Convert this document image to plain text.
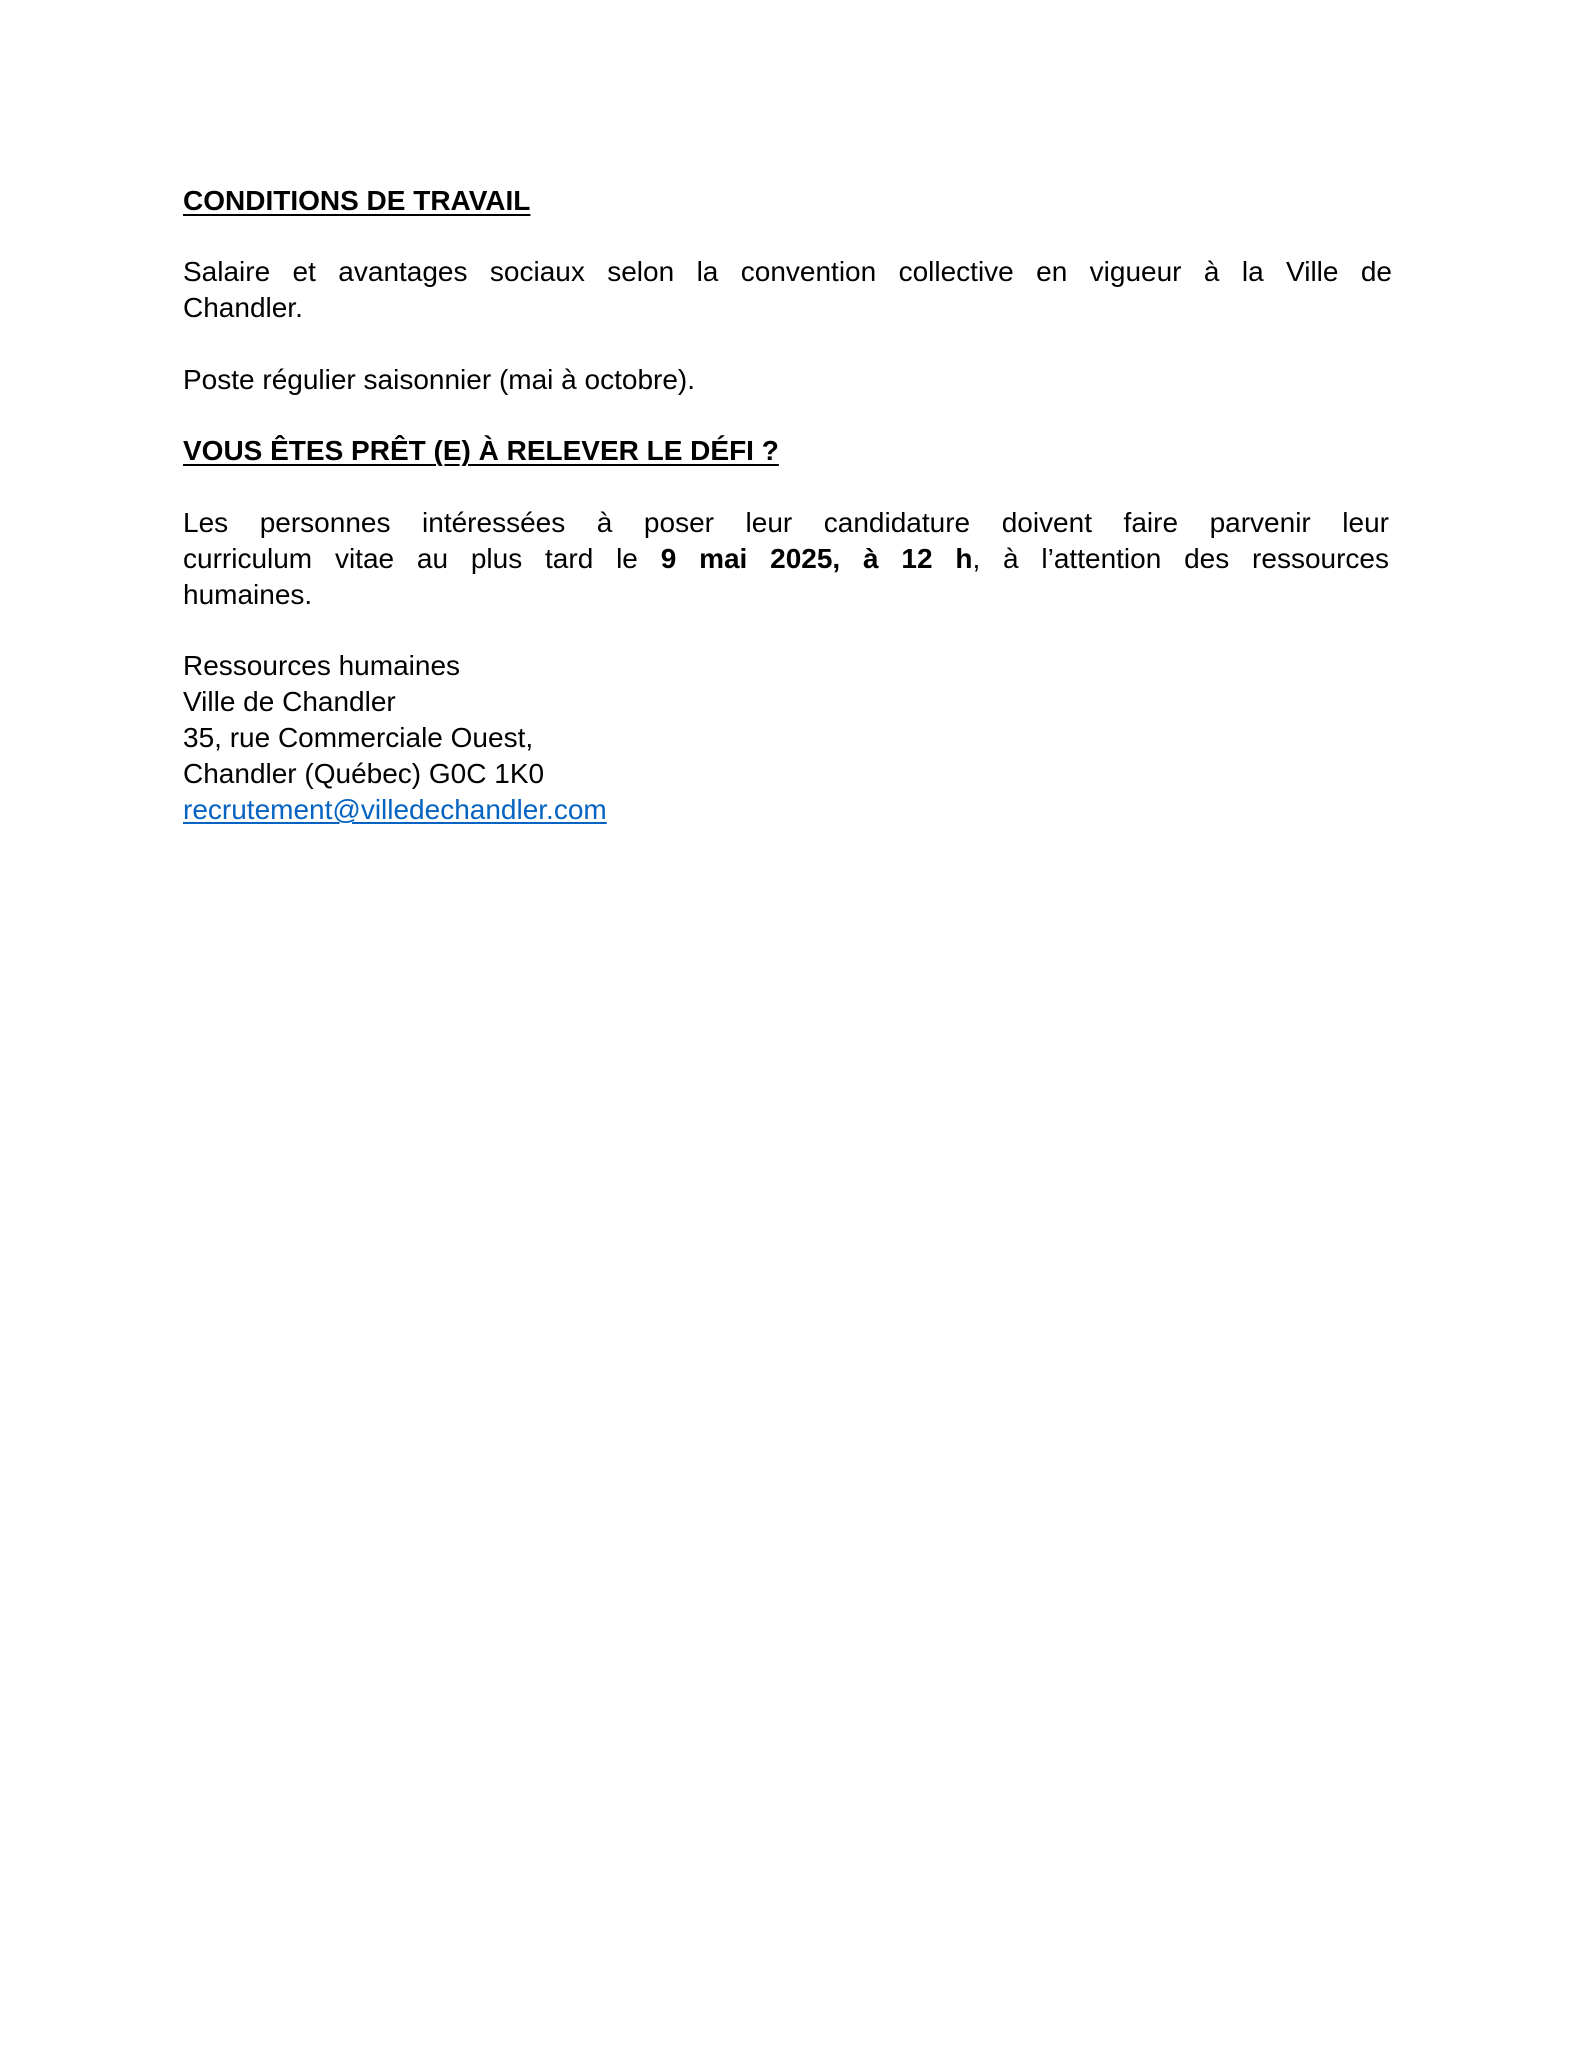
CONDITIONS DE TRAVAIL
Salaire et avantages sociaux selon la convention collective en vigueur à la Ville de
Chandler.
Poste régulier saisonnier (mai à octobre).
VOUS ÊTES PRÊT (E) À RELEVER LE DÉFI ?
Les personnes intéressées à poser leur candidature doivent faire parvenir leur
curriculum vitae au plus tard le 9 mai 2025, à 12 h, à l’attention des ressources
humaines.
Ressources humaines
Ville de Chandler
35, rue Commerciale Ouest,
Chandler (Québec) G0C 1K0
recrutement@villedechandler.com
